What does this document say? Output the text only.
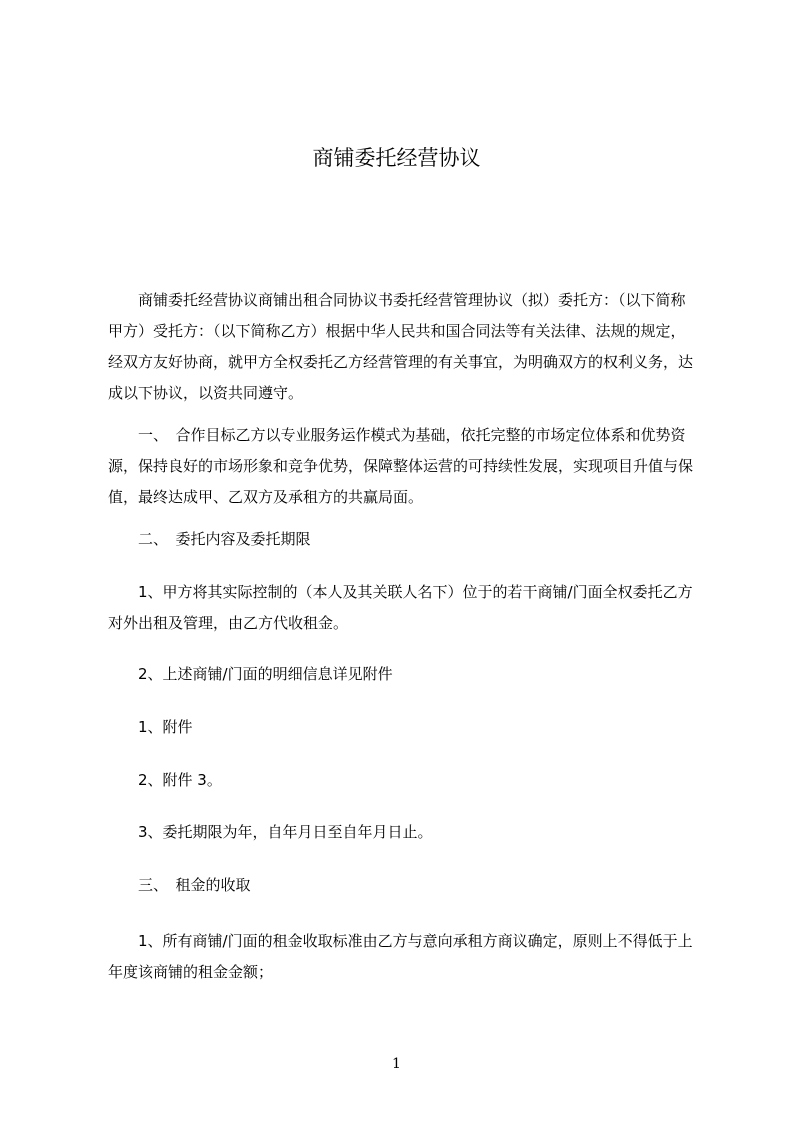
商铺委托经营协议

商铺委托经营协议商铺出租合同协议书委托经营管理协议（拟）委托方：（以下简称甲方）受托方：（以下简称乙方）根据中华人民共和国合同法等有关法律、法规的规定，经双方友好协商，就甲方全权委托乙方经营管理的有关事宜，为明确双方的权利义务，达成以下协议，以资共同遵守。

一、　合作目标乙方以专业服务运作模式为基础，依托完整的市场定位体系和优势资源，保持良好的市场形象和竞争优势，保障整体运营的可持续性发展，实现项目升值与保值，最终达成甲、乙双方及承租方的共赢局面。

二、　委托内容及委托期限

1、甲方将其实际控制的（本人及其关联人名下）位于的若干商铺/门面全权委托乙方对外出租及管理，由乙方代收租金。

2、上述商铺/门面的明细信息详见附件

1、附件

2、附件 3。

3、委托期限为年，自年月日至自年月日止。

三、　租金的收取

1、所有商铺/门面的租金收取标准由乙方与意向承租方商议确定，原则上不得低于上年度该商铺的租金金额；

1
